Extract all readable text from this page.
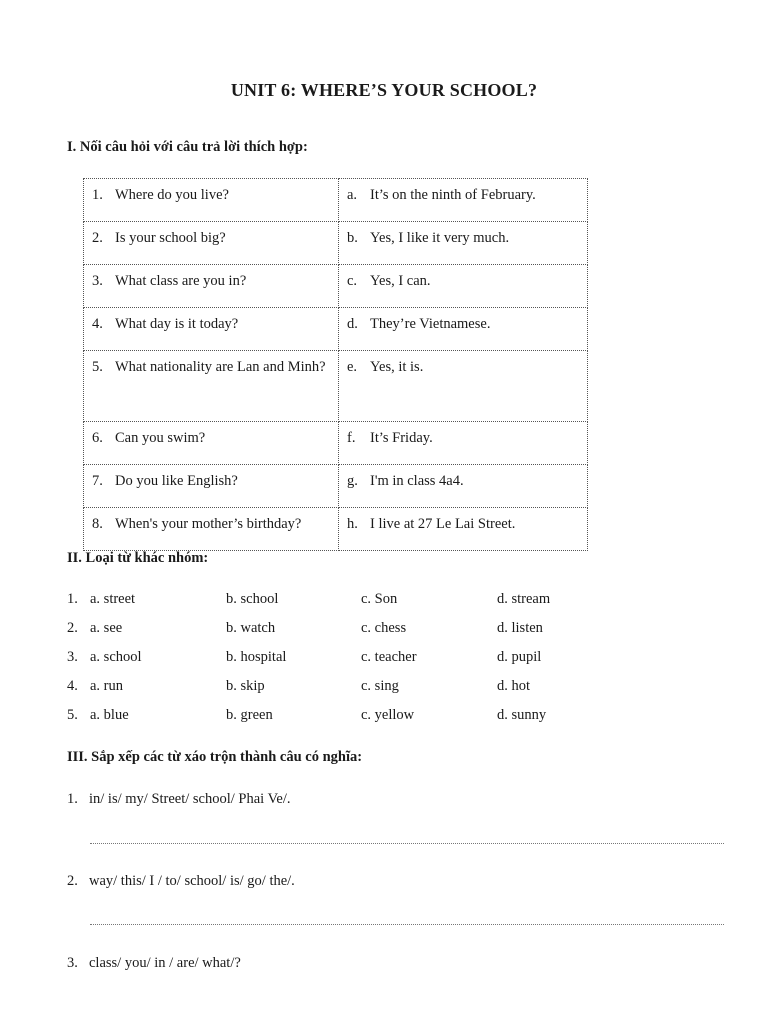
UNIT 6: WHERE’S YOUR SCHOOL?
I. Nối câu hỏi với câu trả lời thích hợp:
1. Where do you live?	a. It’s on the ninth of February.

2. Is your school big?	b. Yes, I like it very much.

3. What class are you in?	c. Yes, I can.

4. What day is it today?	d. They’re Vietnamese.

5. What nationality are Lan and Minh?	e. Yes, it is.

6. Can you swim?	f. It’s Friday.

7. Do you like English?	g. I'm in class 4a4.

8. When's your mother’s birthday?	h. I live at 27 Le Lai Street.
II. Loại từ khác nhóm:
1. a. street	b. school	c. Son	d. stream
2. a. see	b. watch	c. chess	d. listen
3. a. school	b. hospital	c. teacher	d. pupil
4. a. run	b. skip	c. sing	d. hot
5. a. blue	b. green	c. yellow	d. sunny
III. Sắp xếp các từ xáo trộn thành câu có nghĩa:
1. in/ is/ my/ Street/ school/ Phai Ve/.
2. way/ this/ I / to/ school/ is/ go/ the/.
3. class/ you/ in / are/ what/?
